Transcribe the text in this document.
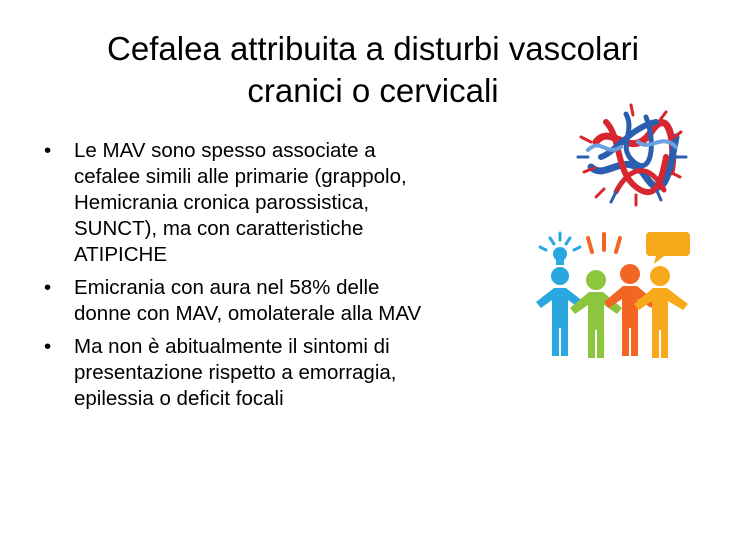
Cefalea attribuita a disturbi vascolari
cranici o cervicali
• Le MAV sono spesso associate a
cefalee simili alle primarie (grappolo,
Hemicrania cronica parossistica,
SUNCT), ma con caratteristiche
ATIPICHE
• Emicrania con aura nel 58% delle
donne con MAV, omolaterale alla MAV
• Ma non è abitualmente il sintomi di
presentazione rispetto a emorragia,
epilessia o deficit focali
